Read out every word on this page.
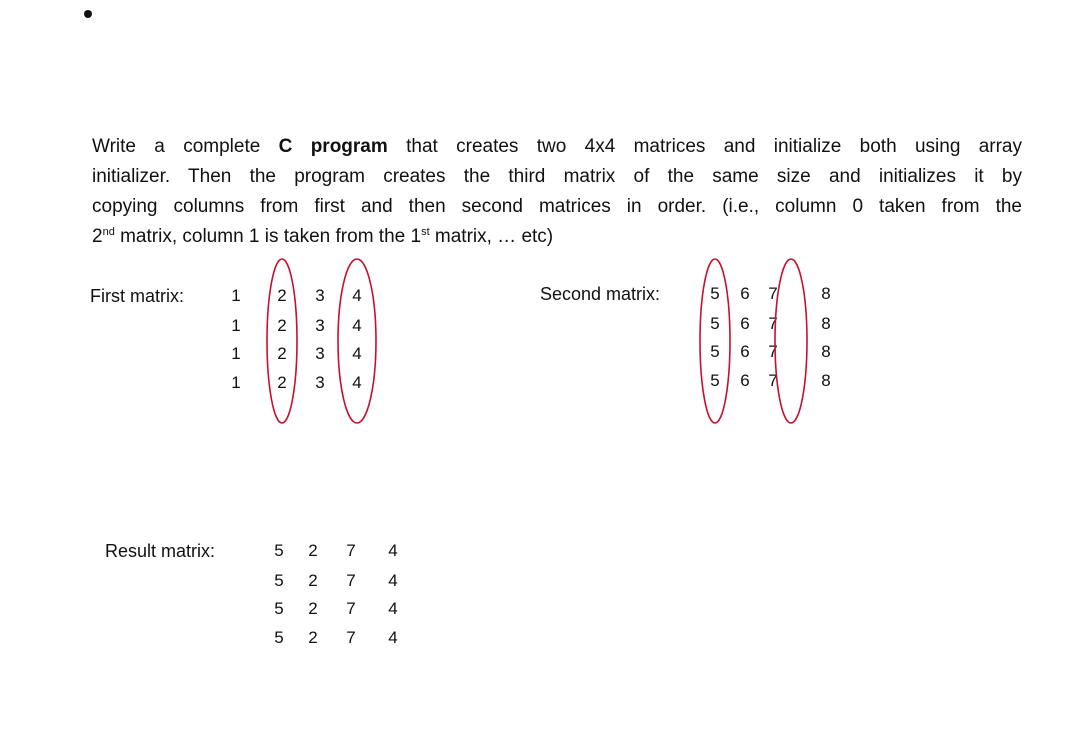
Write a complete C program that creates two 4x4 matrices and initialize both using array
initializer. Then the program creates the third matrix of the same size and initializes it by
copying columns from first and then second matrices in order. (i.e., column 0 taken from the
2nd matrix, column 1 is taken from the 1st matrix, … etc)
First matrix:	1 2 3 4
1 2 3 4
1 2 3 4
1 2 3 4
Second matrix:	5 6 7	8
5 6 7	8
5 6 7	8
5 6 7	8
Result matrix:	5 2 7 4
5 2 7 4
5 2 7 4
5 2 7 4
